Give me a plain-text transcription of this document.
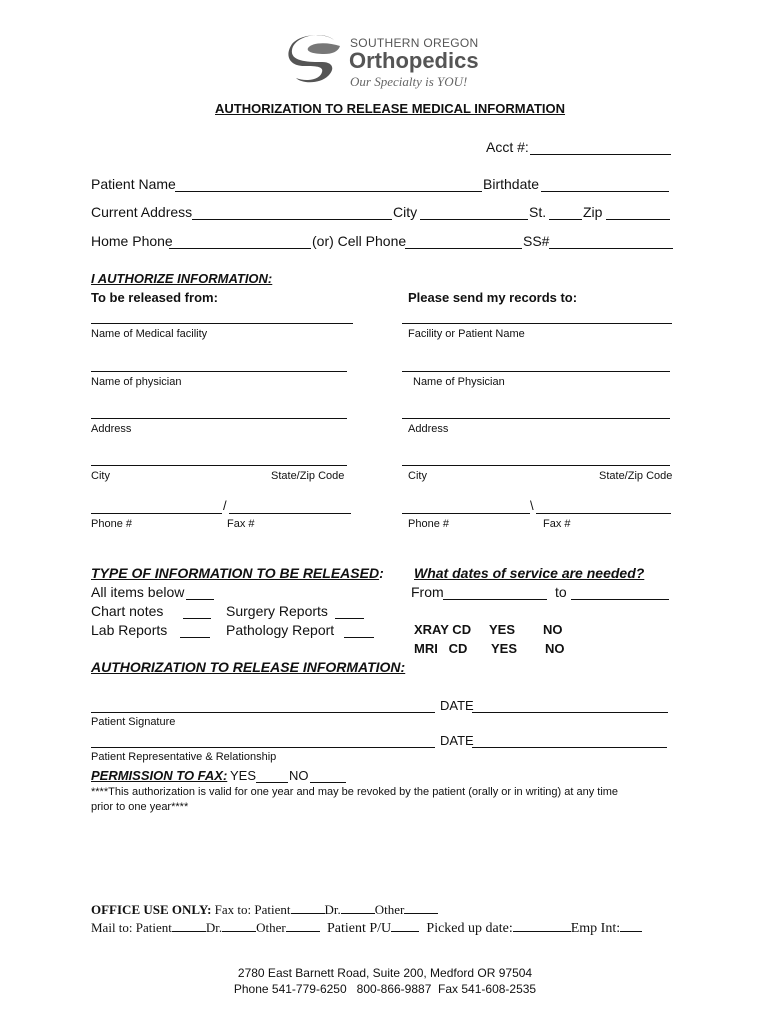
SOUTHERN OREGON
Orthopedics
Our Specialty is YOU!
AUTHORIZATION TO RELEASE MEDICAL INFORMATION
Acct #:
Patient Name	Birthdate
Current Address	City	St.	Zip
Home Phone	(or) Cell Phone	SS#
I AUTHORIZE INFORMATION:
To be released from:	Please send my records to:
Name of Medical facility
Name of physician
Address
City	State/Zip Code
/
Phone #	Fax #
Facility or Patient Name
Name of Physician
Address
City	State/Zip Code
\
Phone #	Fax #
TYPE OF INFORMATION TO BE RELEASED:
All items below
Chart notes	Surgery Reports
Lab Reports	Pathology Report
What dates of service are needed?
From	to
XRAY CD YES NO
MRI   CD YES NO
AUTHORIZATION TO RELEASE INFORMATION:
DATE
Patient Signature
DATE
Patient Representative & Relationship
PERMISSION TO FAX: YES	NO
****This authorization is valid for one year and may be revoked by the patient (orally or in writing) at any time
prior to one year****
OFFICE USE ONLY: Fax to: Patient	Dr.	Other
Mail to: Patient	Dr.	Other	Patient P/U	Picked up date:	Emp Int:
2780 East Barnett Road, Suite 200, Medford OR 97504
Phone 541-779-6250   800-866-9887  Fax 541-608-2535
